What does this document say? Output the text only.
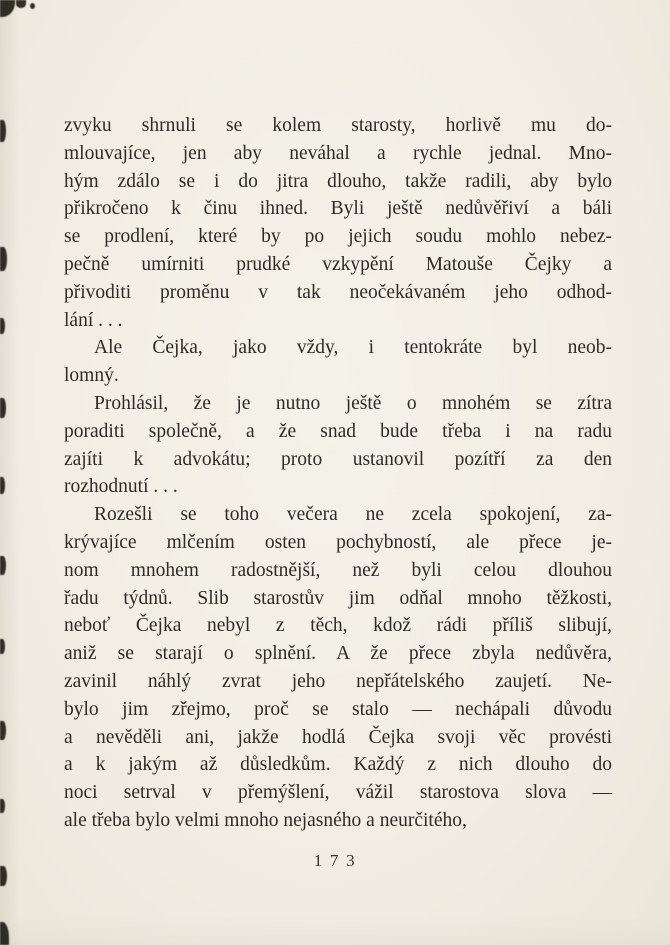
zvyku shrnuli se kolem starosty, horlivě mu do-
mlouvajíce, jen aby neváhal a rychle jednal. Mno-
hým zdálo se i do jitra dlouho, takže radili, aby bylo
přikročeno k činu ihned. Byli ještě nedůvěřiví a báli
se prodlení, které by po jejich soudu mohlo nebez-
pečně umírniti prudké vzkypění Matouše Čejky a
přivoditi proměnu v tak neočekávaném jeho odhod-
lání . . .
Ale Čejka, jako vždy, i tentokráte byl neob-
lomný.
Prohlásil, že je nutno ještě o mnohém se zítra
poraditi společně, a že snad bude třeba i na radu
zajíti k advokátu; proto ustanovil pozítří za den
rozhodnutí . . .
Rozešli se toho večera ne zcela spokojení, za-
krývajíce mlčením osten pochybností, ale přece je-
nom mnohem radostnější, než byli celou dlouhou
řadu týdnů. Slib starostův jim odňal mnoho těžkosti,
neboť Čejka nebyl z těch, kdož rádi příliš slibují,
aniž se starají o splnění. A že přece zbyla nedůvěra,
zavinil náhlý zvrat jeho nepřátelského zaujetí. Ne-
bylo jim zřejmo, proč se stalo — nechápali důvodu
a nevěděli ani, jakže hodlá Čejka svoji věc provésti
a k jakým až důsledkům. Každý z nich dlouho do
noci setrval v přemýšlení, vážil starostova slova —
ale třeba bylo velmi mnoho nejasného a neurčitého,
173
